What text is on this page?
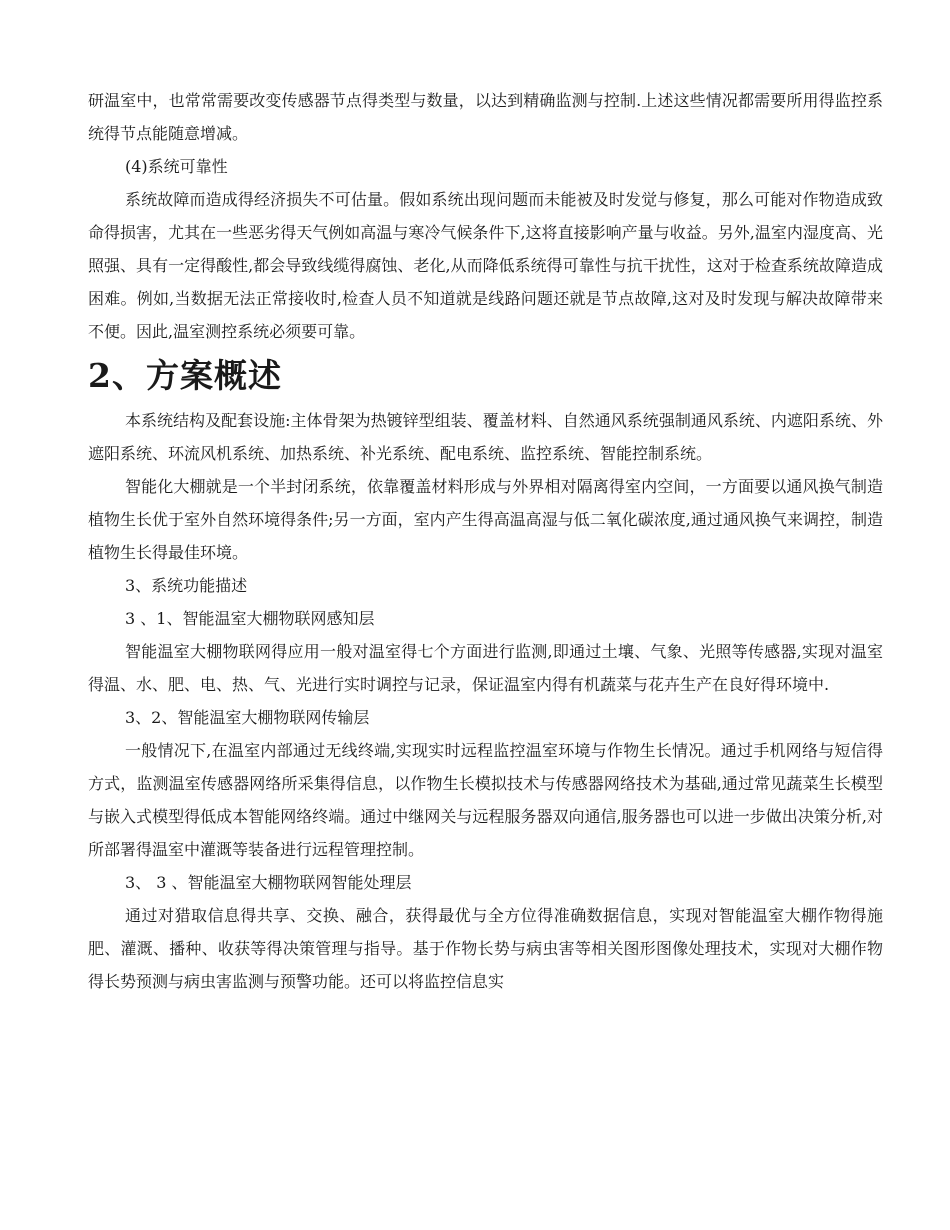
研温室中，也常常需要改变传感器节点得类型与数量，以达到精确监测与控制.上述这些情况都需要所用得监控系统得节点能随意增减。

(4)系统可靠性

系统故障而造成得经济损失不可估量。假如系统出现问题而未能被及时发觉与修复，那么可能对作物造成致命得损害，尤其在一些恶劣得天气例如高温与寒冷气候条件下,这将直接影响产量与收益。另外,温室内湿度高、光照强、具有一定得酸性,都会导致线缆得腐蚀、老化,从而降低系统得可靠性与抗干扰性，这对于检查系统故障造成困难。例如,当数据无法正常接收时,检查人员不知道就是线路问题还就是节点故障,这对及时发现与解决故障带来不便。因此,温室测控系统必须要可靠。

2、方案概述

本系统结构及配套设施:主体骨架为热镀锌型组装、覆盖材料、自然通风系统强制通风系统、内遮阳系统、外遮阳系统、环流风机系统、加热系统、补光系统、配电系统、监控系统、智能控制系统。

智能化大棚就是一个半封闭系统，依靠覆盖材料形成与外界相对隔离得室内空间，一方面要以通风换气制造植物生长优于室外自然环境得条件;另一方面，室内产生得高温高湿与低二氧化碳浓度,通过通风换气来调控，制造植物生长得最佳环境。

3、系统功能描述

3 、1、智能温室大棚物联网感知层

智能温室大棚物联网得应用一般对温室得七个方面进行监测,即通过土壤、气象、光照等传感器,实现对温室得温、水、肥、电、热、气、光进行实时调控与记录，保证温室内得有机蔬菜与花卉生产在良好得环境中.

3、2、智能温室大棚物联网传输层

一般情况下,在温室内部通过无线终端,实现实时远程监控温室环境与作物生长情况。通过手机网络与短信得方式，监测温室传感器网络所采集得信息，以作物生长模拟技术与传感器网络技术为基础,通过常见蔬菜生长模型与嵌入式模型得低成本智能网络终端。通过中继网关与远程服务器双向通信,服务器也可以进一步做出决策分析,对所部署得温室中灌溉等装备进行远程管理控制。

3、 3 、智能温室大棚物联网智能处理层

通过对猎取信息得共享、交换、融合，获得最优与全方位得准确数据信息，实现对智能温室大棚作物得施肥、灌溉、播种、收获等得决策管理与指导。基于作物长势与病虫害等相关图形图像处理技术，实现对大棚作物得长势预测与病虫害监测与预警功能。还可以将监控信息实
